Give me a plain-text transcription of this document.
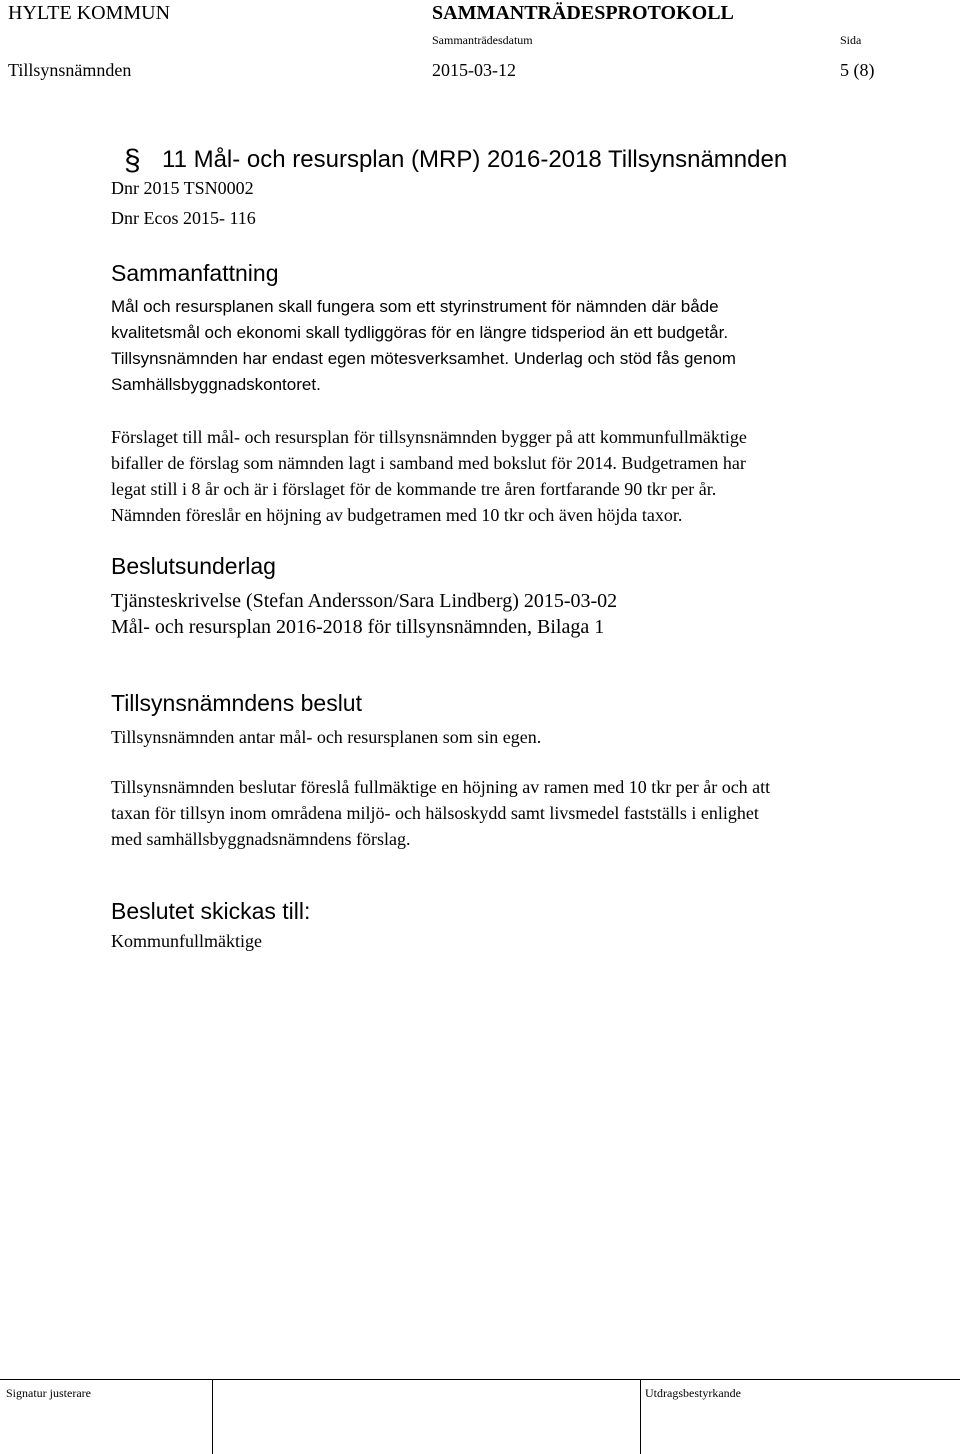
HYLTE KOMMUN	SAMMANTRÄDESPROTOKOLL
Sammanträdesdatum	Sida
Tillsynsnämnden	2015-03-12	5 (8)
§ 11 Mål- och resursplan (MRP) 2016-2018 Tillsynsnämnden
Dnr 2015 TSN0002
Dnr Ecos 2015- 116
Sammanfattning
Mål och resursplanen skall fungera som ett styrinstrument för nämnden där både
kvalitetsmål och ekonomi skall tydliggöras för en längre tidsperiod än ett budgetår.
Tillsynsnämnden har endast egen mötesverksamhet. Underlag och stöd fås genom
Samhällsbyggnadskontoret.
Förslaget till mål- och resursplan för tillsynsnämnden bygger på att kommunfullmäktige
bifaller de förslag som nämnden lagt i samband med bokslut för 2014. Budgetramen har
legat still i 8 år och är i förslaget för de kommande tre åren fortfarande 90 tkr per år.
Nämnden föreslår en höjning av budgetramen med 10 tkr och även höjda taxor.
Beslutsunderlag
Tjänsteskrivelse (Stefan Andersson/Sara Lindberg) 2015-03-02
Mål- och resursplan 2016-2018 för tillsynsnämnden, Bilaga 1
Tillsynsnämndens beslut
Tillsynsnämnden antar mål- och resursplanen som sin egen.
Tillsynsnämnden beslutar föreslå fullmäktige en höjning av ramen med 10 tkr per år och att
taxan för tillsyn inom områdena miljö- och hälsoskydd samt livsmedel fastställs i enlighet
med samhällsbyggnadsnämndens förslag.
Beslutet skickas till:
Kommunfullmäktige
Signatur justerare	Utdragsbestyrkande
